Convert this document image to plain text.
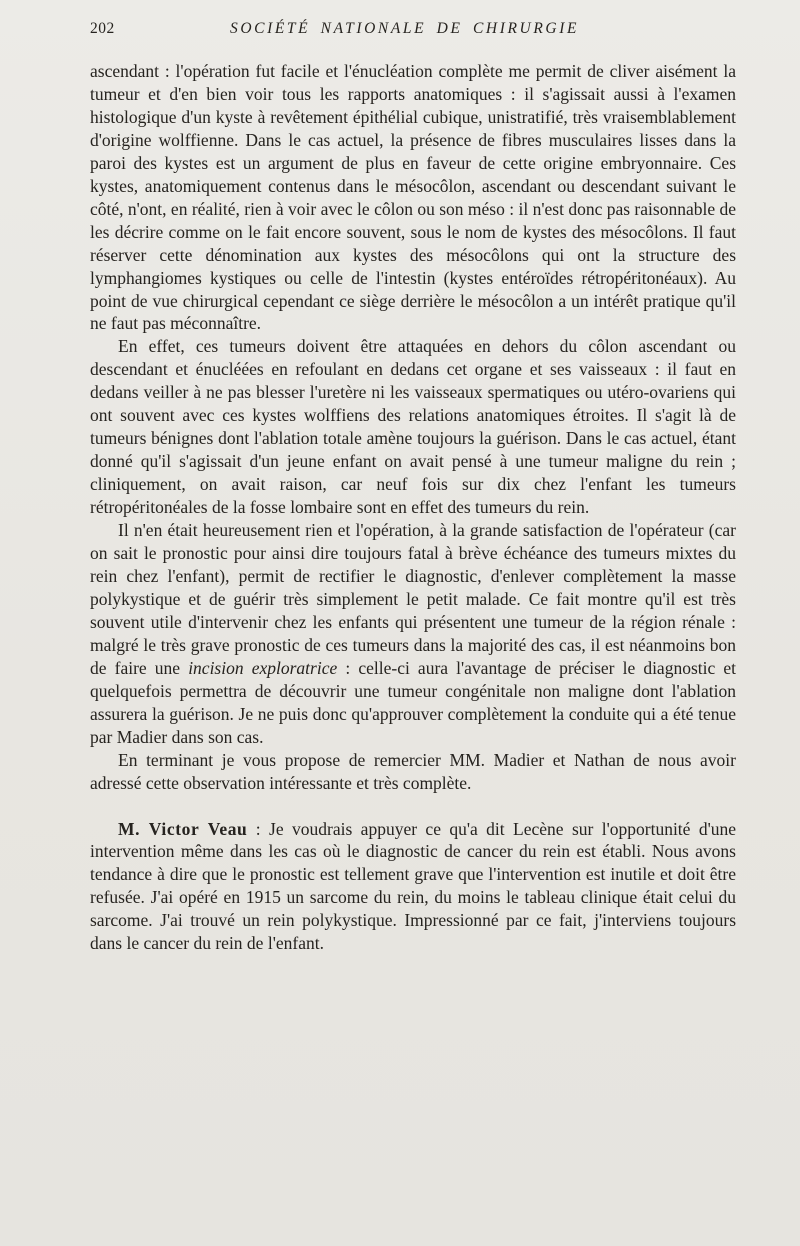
202	SOCIÉTÉ NATIONALE DE CHIRURGIE

ascendant : l'opération fut facile et l'énucléation complète me permit de cliver aisément la tumeur et d'en bien voir tous les rapports anatomiques : il s'agissait aussi à l'examen histologique d'un kyste à revêtement épithélial cubique, unistratifié, très vraisemblablement d'origine wolffienne. Dans le cas actuel, la présence de fibres musculaires lisses dans la paroi des kystes est un argument de plus en faveur de cette origine embryonnaire. Ces kystes, anatomiquement contenus dans le mésocôlon, ascendant ou descendant suivant le côté, n'ont, en réalité, rien à voir avec le côlon ou son méso : il n'est donc pas raisonnable de les décrire comme on le fait encore souvent, sous le nom de kystes des mésocôlons. Il faut réserver cette dénomination aux kystes des mésocôlons qui ont la structure des lymphangiomes kystiques ou celle de l'intestin (kystes entéroïdes rétropéritonéaux). Au point de vue chirurgical cependant ce siège derrière le mésocôlon a un intérêt pratique qu'il ne faut pas méconnaître.

En effet, ces tumeurs doivent être attaquées en dehors du côlon ascendant ou descendant et énucléées en refoulant en dedans cet organe et ses vaisseaux : il faut en dedans veiller à ne pas blesser l'uretère ni les vaisseaux spermatiques ou utéro-ovariens qui ont souvent avec ces kystes wolffiens des relations anatomiques étroites. Il s'agit là de tumeurs bénignes dont l'ablation totale amène toujours la guérison. Dans le cas actuel, étant donné qu'il s'agissait d'un jeune enfant on avait pensé à une tumeur maligne du rein ; cliniquement, on avait raison, car neuf fois sur dix chez l'enfant les tumeurs rétropéritonéales de la fosse lombaire sont en effet des tumeurs du rein.

Il n'en était heureusement rien et l'opération, à la grande satisfaction de l'opérateur (car on sait le pronostic pour ainsi dire toujours fatal à brève échéance des tumeurs mixtes du rein chez l'enfant), permit de rectifier le diagnostic, d'enlever complètement la masse polykystique et de guérir très simplement le petit malade. Ce fait montre qu'il est très souvent utile d'intervenir chez les enfants qui présentent une tumeur de la région rénale : malgré le très grave pronostic de ces tumeurs dans la majorité des cas, il est néanmoins bon de faire une incision exploratrice : celle-ci aura l'avantage de préciser le diagnostic et quelquefois permettra de découvrir une tumeur congénitale non maligne dont l'ablation assurera la guérison. Je ne puis donc qu'approuver complètement la conduite qui a été tenue par Madier dans son cas.

En terminant je vous propose de remercier MM. Madier et Nathan de nous avoir adressé cette observation intéressante et très complète.

M. Victor Veau : Je voudrais appuyer ce qu'a dit Lecène sur l'opportunité d'une intervention même dans les cas où le diagnostic de cancer du rein est établi. Nous avons tendance à dire que le pronostic est tellement grave que l'intervention est inutile et doit être refusée. J'ai opéré en 1915 un sarcome du rein, du moins le tableau clinique était celui du sarcome. J'ai trouvé un rein polykystique. Impressionné par ce fait, j'interviens toujours dans le cancer du rein de l'enfant.
